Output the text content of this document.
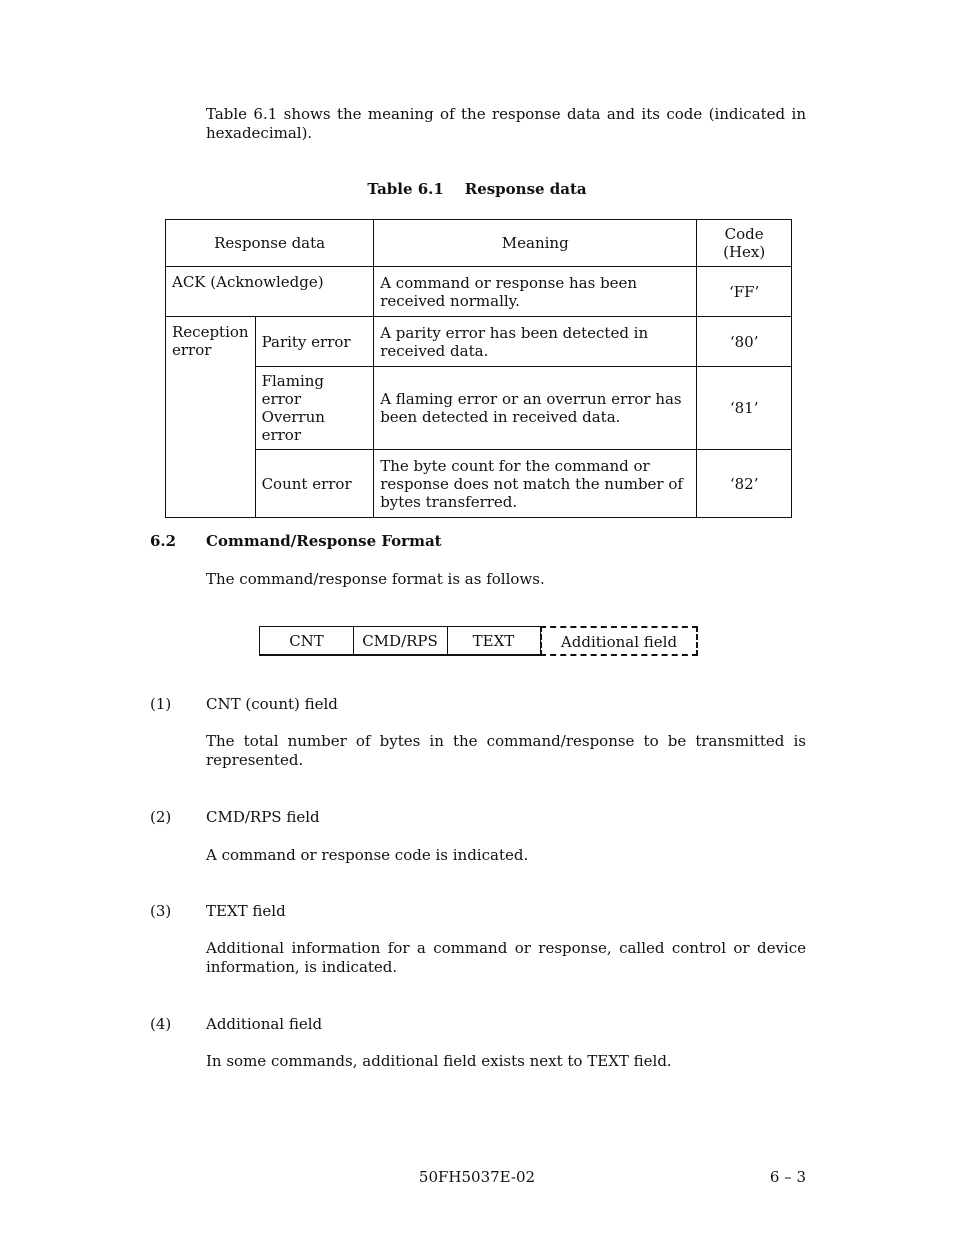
Table 6.1 shows the meaning of the response data and its code (indicated in hexadecimal).
Table 6.1    Response data
Response data		Meaning	Code (Hex)
ACK (Acknowledge)		A command or response has been received normally.	‘FF’
Reception error	Parity error	A parity error has been detected in received data.	‘80’
	Flaming error Overrun error	A flaming error or an overrun error has been detected in received data.	‘81’
	Count error	The byte count for the command or response does not match the number of bytes transferred.	‘82’
6.2 Command/Response Format
The command/response format is as follows.
CNT	CMD/RPS	TEXT	Additional field
(1) CNT (count) field
The total number of bytes in the command/response to be transmitted is represented.
(2) CMD/RPS field
A command or response code is indicated.
(3) TEXT field
Additional information for a command or response, called control or device information, is indicated.
(4) Additional field
In some commands, additional field exists next to TEXT field.
50FH5037E-02	6 – 3
